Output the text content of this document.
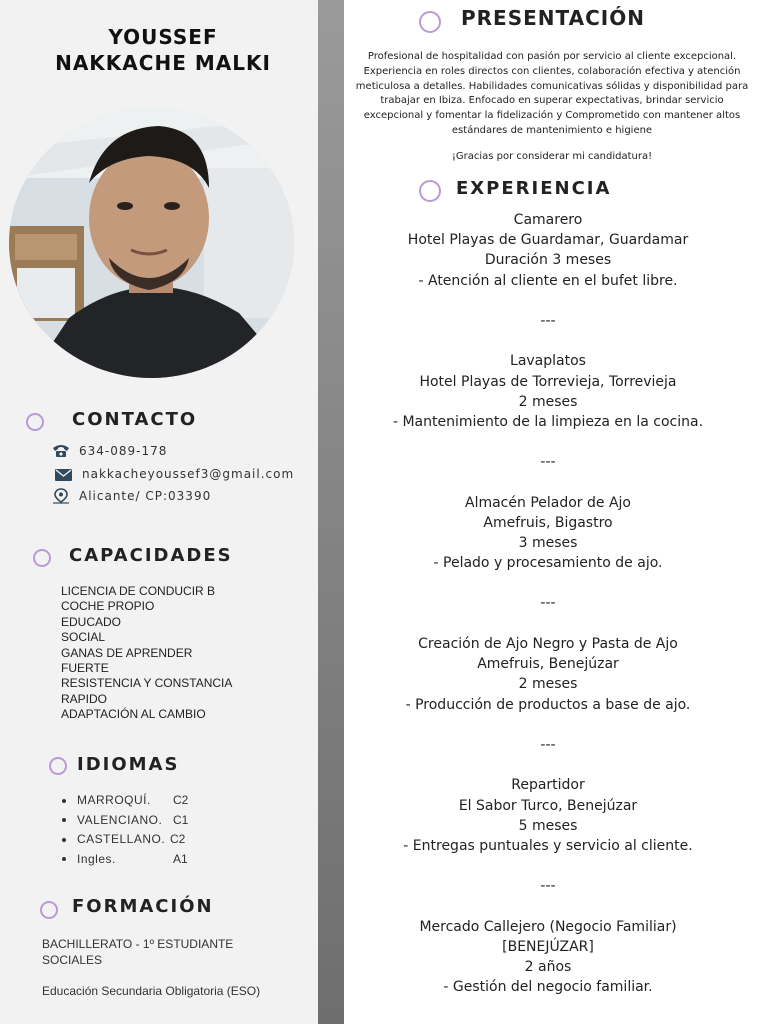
YOUSSEF
NAKKACHE MALKI
CONTACTO
634-089-178
nakkacheyoussef3@gmail.com
Alicante/ CP:03390
CAPACIDADES
LICENCIA DE CONDUCIR B
COCHE PROPIO
EDUCADO
SOCIAL
GANAS DE APRENDER
FUERTE
RESISTENCIA Y CONSTANCIA
RAPIDO
ADAPTACIÓN AL CAMBIO
IDIOMAS
MARROQUÍ.	C2
VALENCIANO. C1
CASTELLANO. C2
Ingles.	A1
FORMACIÓN
BACHILLERATO - 1º ESTUDIANTE SOCIALES
Educación Secundaria Obligatoria (ESO)
PRESENTACIÓN
Profesional de hospitalidad con pasión por servicio al cliente excepcional. Experiencia en roles directos con clientes, colaboración efectiva y atención meticulosa a detalles. Habilidades comunicativas sólidas y disponibilidad para trabajar en Ibiza. Enfocado en superar expectativas, brindar servicio excepcional y fomentar la fidelización y Comprometido con mantener altos estándares de mantenimiento e higiene
¡Gracias por considerar mi candidatura!
EXPERIENCIA
Camarero
Hotel Playas de Guardamar, Guardamar
Duración 3 meses
- Atención al cliente en el bufet libre.
---
Lavaplatos
Hotel Playas de Torrevieja, Torrevieja
2 meses
- Mantenimiento de la limpieza en la cocina.
---
Almacén Pelador de Ajo
Amefruis, Bigastro
3 meses
- Pelado y procesamiento de ajo.
---
Creación de Ajo Negro y Pasta de Ajo
Amefruis, Benejúzar
2 meses
- Producción de productos a base de ajo.
---
Repartidor
El Sabor Turco, Benejúzar
5 meses
- Entregas puntuales y servicio al cliente.
---
Mercado Callejero (Negocio Familiar)
[BENEJÚZAR]
2 años
- Gestión del negocio familiar.
